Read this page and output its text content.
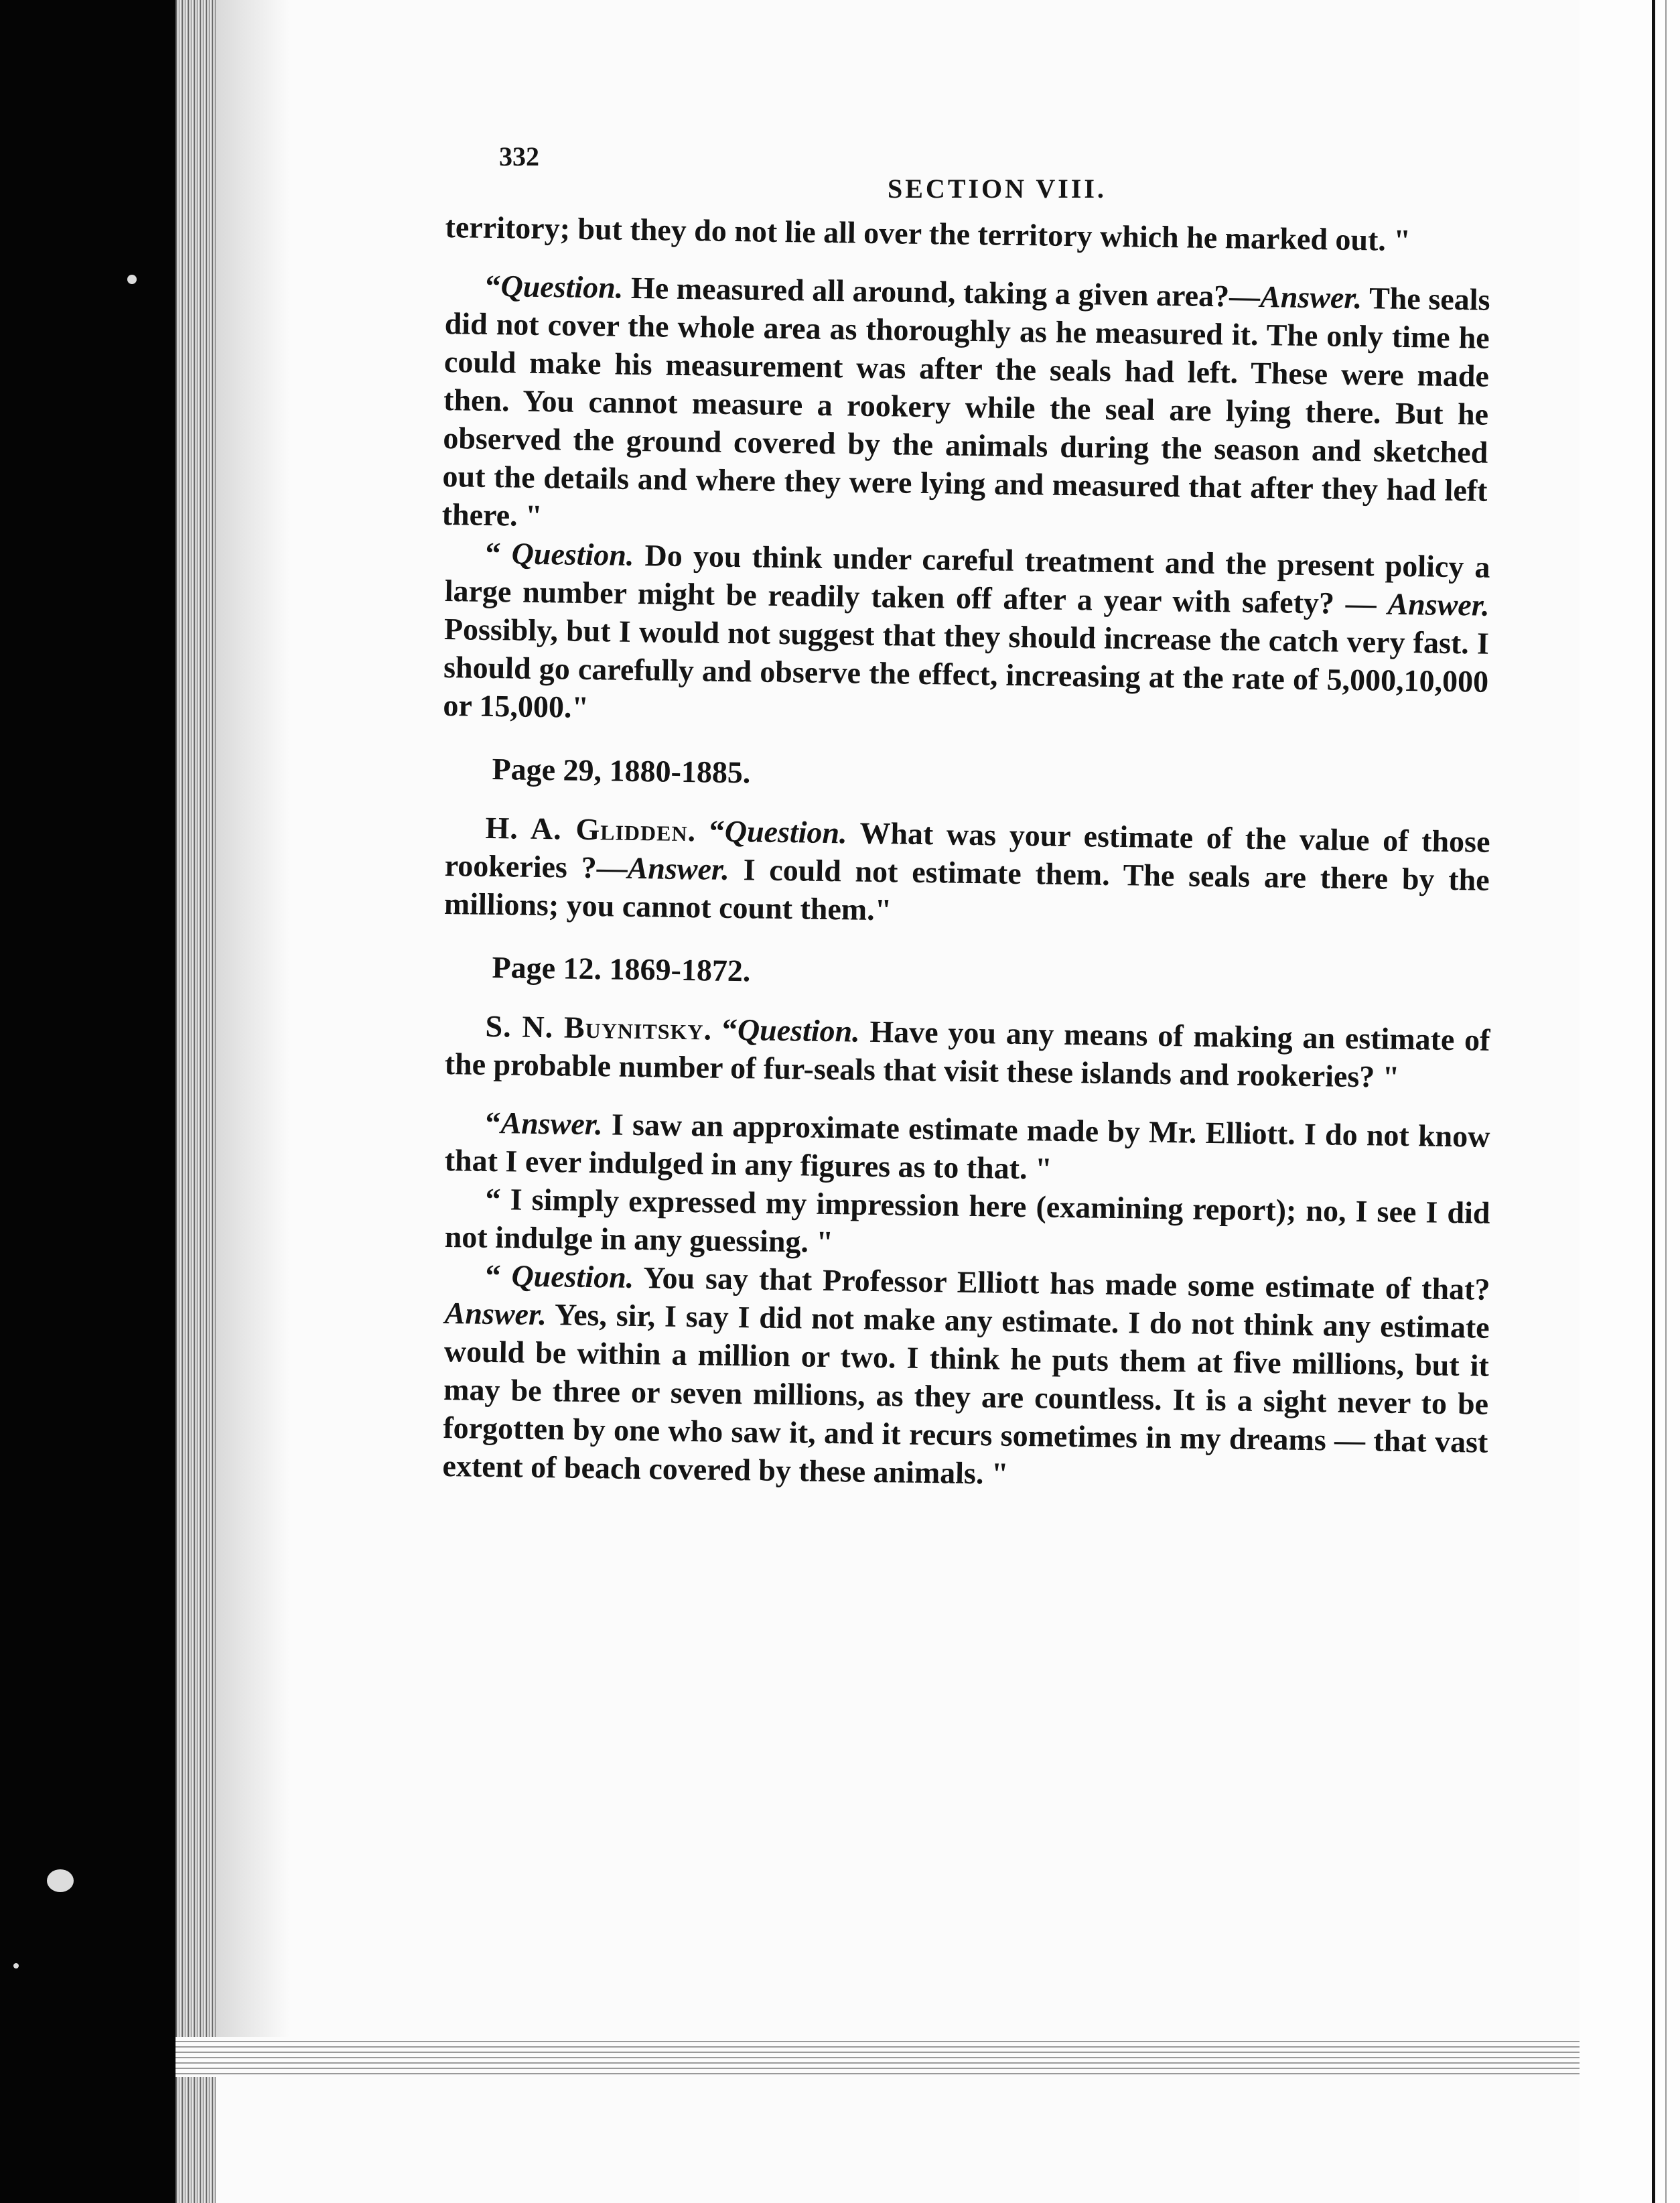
332
SECTION VIII.

territory; but they do not lie all over the territory which he marked out. "

“Question. He measured all around, taking a given area?—Answer. The seals did not cover the whole area as thoroughly as he measured it. The only time he could make his measurement was after the seals had left. These were made then. You cannot measure a rookery while the seal are lying there. But he observed the ground covered by the animals during the season and sketched out the details and where they were lying and measured that after they had left there. "

“ Question. Do you think under careful treatment and the present policy a large number might be readily taken off after a year with safety? — Answer. Possibly, but I would not suggest that they should increase the catch very fast. I should go carefully and observe the effect, increasing at the rate of 5,000,10,000 or 15,000."

Page 29, 1880-1885.

H. A. Glidden. “Question. What was your estimate of the value of those rookeries ?—Answer. I could not estimate them. The seals are there by the millions; you cannot count them."

Page 12. 1869-1872.

S. N. Buynitsky. “Question. Have you any means of making an estimate of the probable number of fur-seals that visit these islands and rookeries? "

“Answer. I saw an approximate estimate made by Mr. Elliott. I do not know that I ever indulged in any figures as to that. "

“ I simply expressed my impression here (examining report); no, I see I did not indulge in any guessing. "

“ Question. You say that Professor Elliott has made some estimate of that? Answer. Yes, sir, I say I did not make any estimate. I do not think any estimate would be within a million or two. I think he puts them at five millions, but it may be three or seven millions, as they are countless. It is a sight never to be forgotten by one who saw it, and it recurs sometimes in my dreams — that vast extent of beach covered by these animals. "
